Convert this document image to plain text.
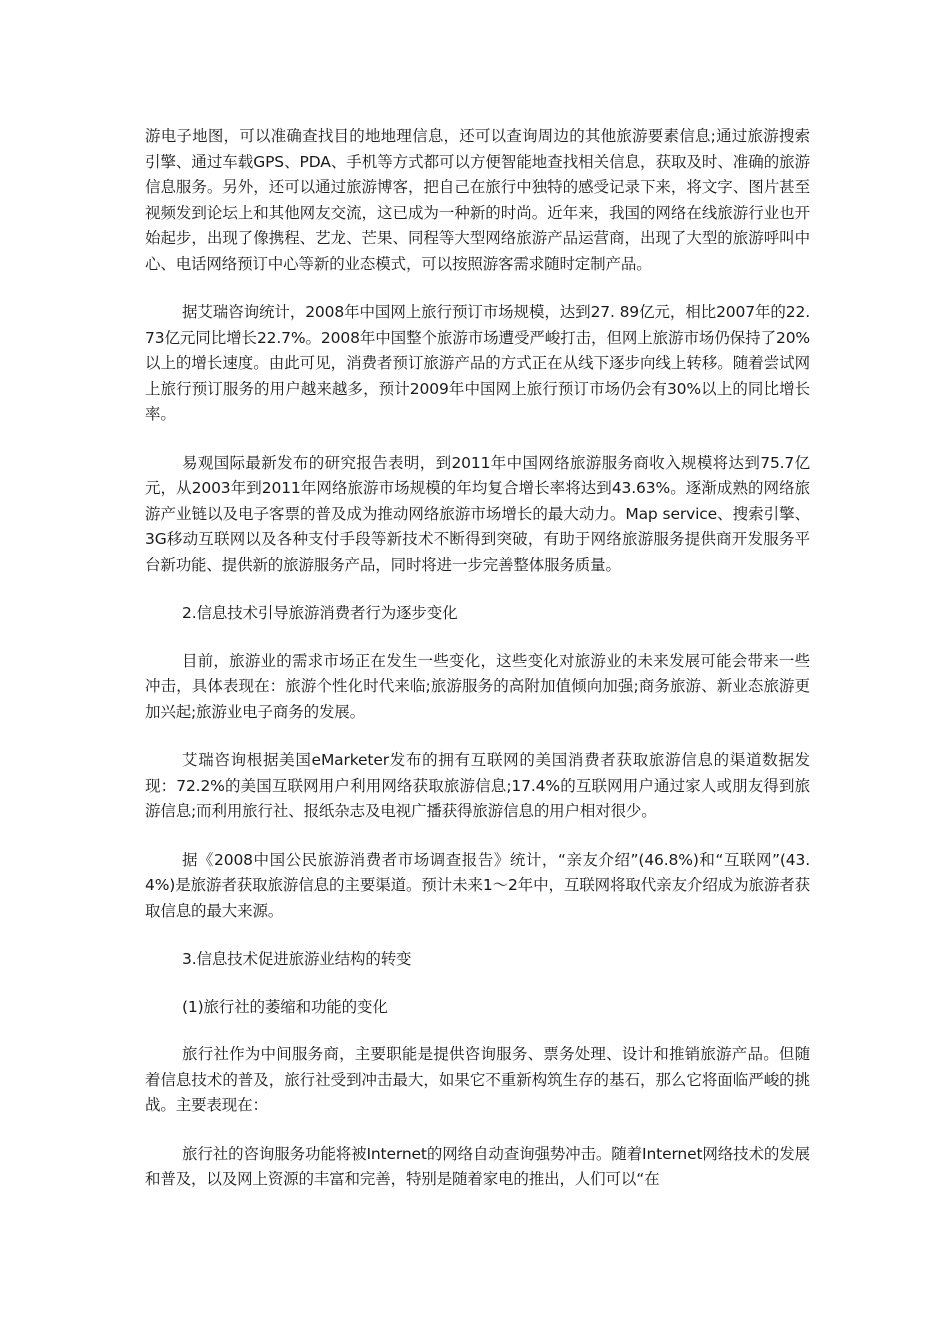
游电子地图，可以准确查找目的地地理信息，还可以查询周边的其他旅游要素信息;通过旅游搜索引擎、通过车载GPS、PDA、手机等方式都可以方便智能地查找相关信息，获取及时、准确的旅游信息服务。另外，还可以通过旅游博客，把自己在旅行中独特的感受记录下来，将文字、图片甚至视频发到论坛上和其他网友交流，这已成为一种新的时尚。近年来，我国的网络在线旅游行业也开始起步，出现了像携程、艺龙、芒果、同程等大型网络旅游产品运营商，出现了大型的旅游呼叫中心、电话网络预订中心等新的业态模式，可以按照游客需求随时定制产品。

据艾瑞咨询统计，2008年中国网上旅行预订市场规模，达到27. 89亿元，相比2007年的22.73亿元同比增长22.7%。2008年中国整个旅游市场遭受严峻打击，但网上旅游市场仍保持了20%以上的增长速度。由此可见，消费者预订旅游产品的方式正在从线下逐步向线上转移。随着尝试网上旅行预订服务的用户越来越多，预计2009年中国网上旅行预订市场仍会有30%以上的同比增长率。

易观国际最新发布的研究报告表明，到2011年中国网络旅游服务商收入规模将达到75.7亿元，从2003年到2011年网络旅游市场规模的年均复合增长率将达到43.63%。逐渐成熟的网络旅游产业链以及电子客票的普及成为推动网络旅游市场增长的最大动力。Map service、搜索引擎、3G移动互联网以及各种支付手段等新技术不断得到突破，有助于网络旅游服务提供商开发服务平台新功能、提供新的旅游服务产品，同时将进一步完善整体服务质量。

2.信息技术引导旅游消费者行为逐步变化

目前，旅游业的需求市场正在发生一些变化，这些变化对旅游业的未来发展可能会带来一些冲击，具体表现在：旅游个性化时代来临;旅游服务的高附加值倾向加强;商务旅游、新业态旅游更加兴起;旅游业电子商务的发展。

艾瑞咨询根据美国eMarketer发布的拥有互联网的美国消费者获取旅游信息的渠道数据发现：72.2%的美国互联网用户利用网络获取旅游信息;17.4%的互联网用户通过家人或朋友得到旅游信息;而利用旅行社、报纸杂志及电视广播获得旅游信息的用户相对很少。

据《2008中国公民旅游消费者市场调查报告》统计，“亲友介绍”(46.8%)和“互联网”(43.4%)是旅游者获取旅游信息的主要渠道。预计未来1～2年中，互联网将取代亲友介绍成为旅游者获取信息的最大来源。

3.信息技术促进旅游业结构的转变

(1)旅行社的萎缩和功能的变化

旅行社作为中间服务商，主要职能是提供咨询服务、票务处理、设计和推销旅游产品。但随着信息技术的普及，旅行社受到冲击最大，如果它不重新构筑生存的基石，那么它将面临严峻的挑战。主要表现在：

旅行社的咨询服务功能将被Internet的网络自动查询强势冲击。随着Internet网络技术的发展和普及，以及网上资源的丰富和完善，特别是随着家电的推出，人们可以“在
